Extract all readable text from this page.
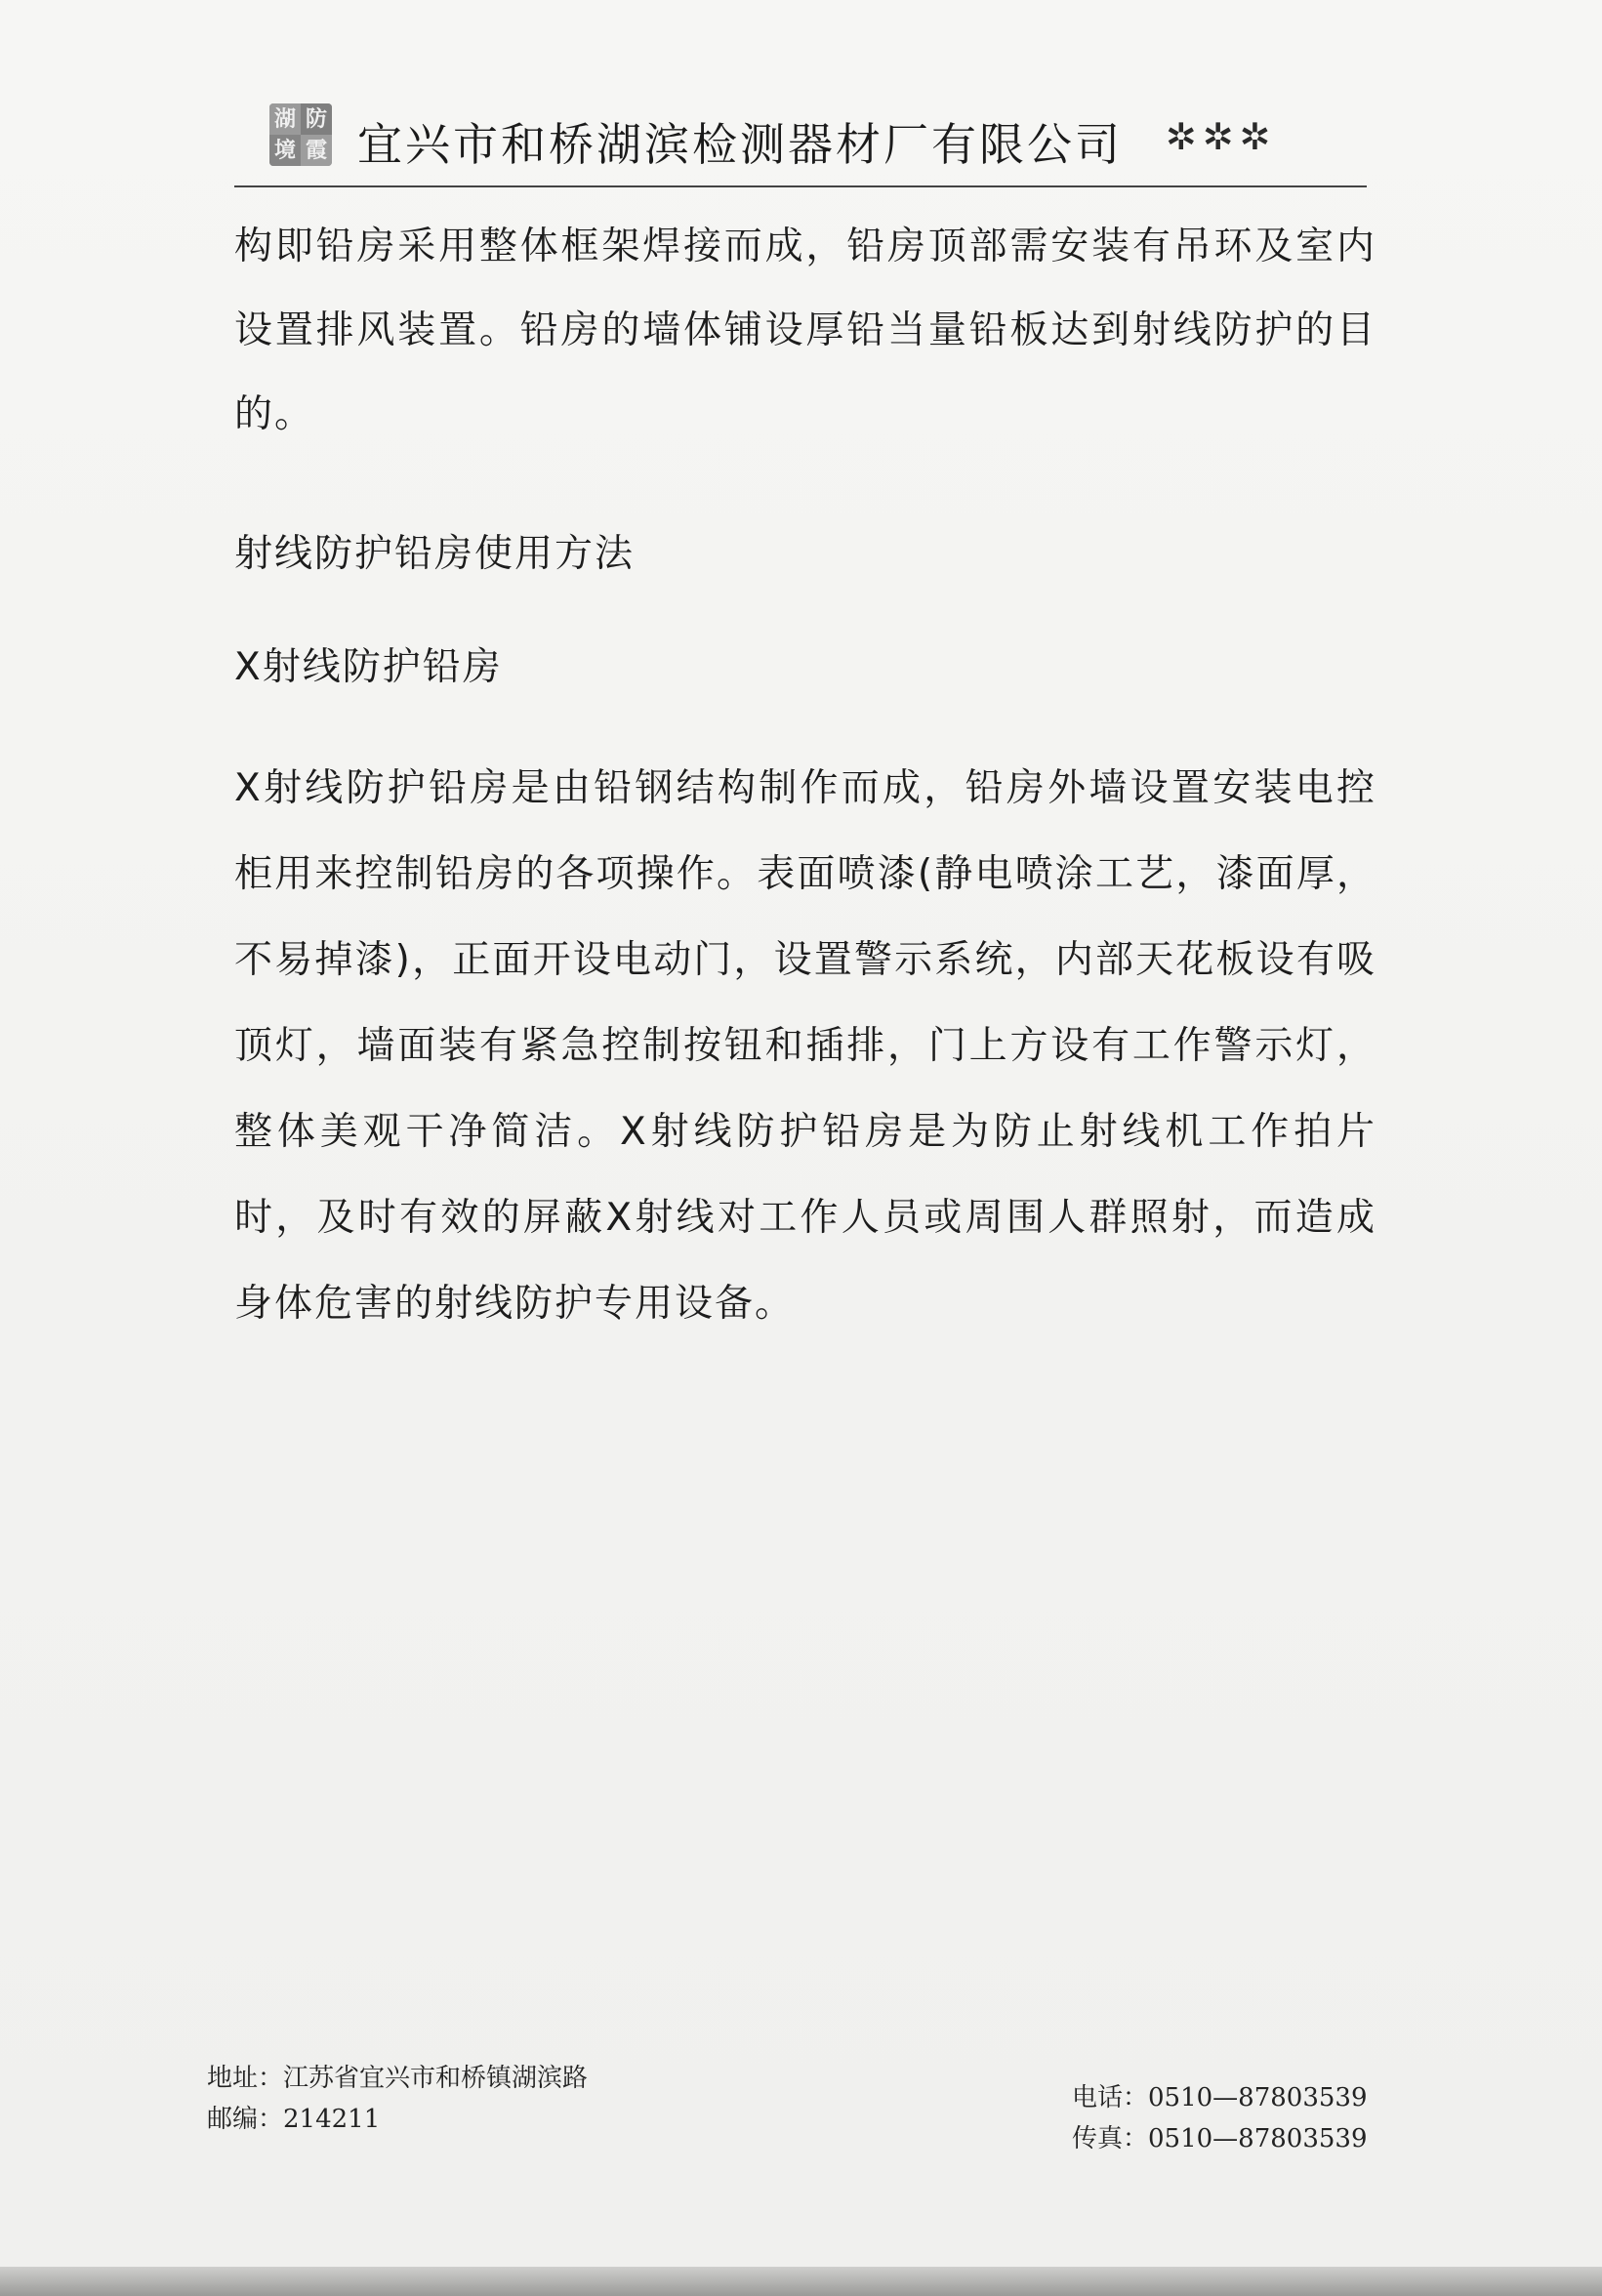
湖 防
境 霞 宜兴市和桥湖滨检测器材厂有限公司 ✲✲✲

构即铅房采用整体框架焊接而成，铅房顶部需安装有吊环及室内设置排风装置。铅房的墙体铺设厚铅当量铅板达到射线防护的目的。

射线防护铅房使用方法

X射线防护铅房

X射线防护铅房是由铅钢结构制作而成，铅房外墙设置安装电控柜用来控制铅房的各项操作。表面喷漆(静电喷涂工艺，漆面厚，不易掉漆)，正面开设电动门，设置警示系统，内部天花板设有吸顶灯，墙面装有紧急控制按钮和插排，门上方设有工作警示灯，整体美观干净简洁。X射线防护铅房是为防止射线机工作拍片时，及时有效的屏蔽X射线对工作人员或周围人群照射，而造成身体危害的射线防护专用设备。

地址：江苏省宜兴市和桥镇湖滨路
邮编：214211
电话：0510—87803539
传真：0510—87803539
